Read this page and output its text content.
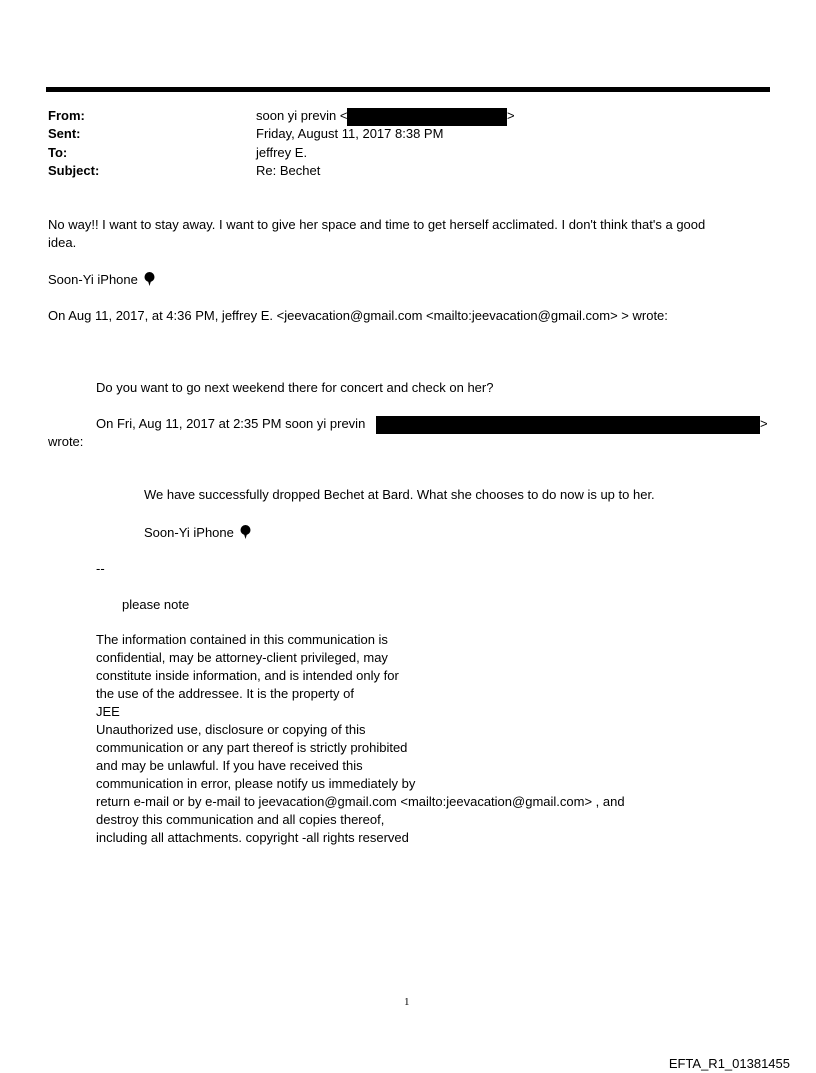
From:	soon yi previn <	>
Sent:	Friday, August 11, 2017 8:38 PM
To:	jeffrey E.
Subject:	Re: Bechet
No way!! I want to stay away. I want to give her space and time to get herself acclimated. I don't think that's a good
idea.
Soon-Yi iPhone
On Aug 11, 2017, at 4:36 PM, jeffrey E. <jeevacation@gmail.com <mailto:jeevacation@gmail.com> > wrote:
Do you want to go next weekend there for concert and check on her?
On Fri, Aug 11, 2017 at 2:35 PM soon yi previn	>
wrote:
We have successfully dropped Bechet at Bard. What she chooses to do now is up to her.
Soon-Yi iPhone
--
please note
The information contained in this communication is
confidential, may be attorney-client privileged, may
constitute inside information, and is intended only for
the use of the addressee. It is the property of
JEE
Unauthorized use, disclosure or copying of this
communication or any part thereof is strictly prohibited
and may be unlawful. If you have received this
communication in error, please notify us immediately by
return e-mail or by e-mail to jeevacation@gmail.com <mailto:jeevacation@gmail.com> , and
destroy this communication and all copies thereof,
including all attachments. copyright -all rights reserved
1
EFTA_R1_01381455
